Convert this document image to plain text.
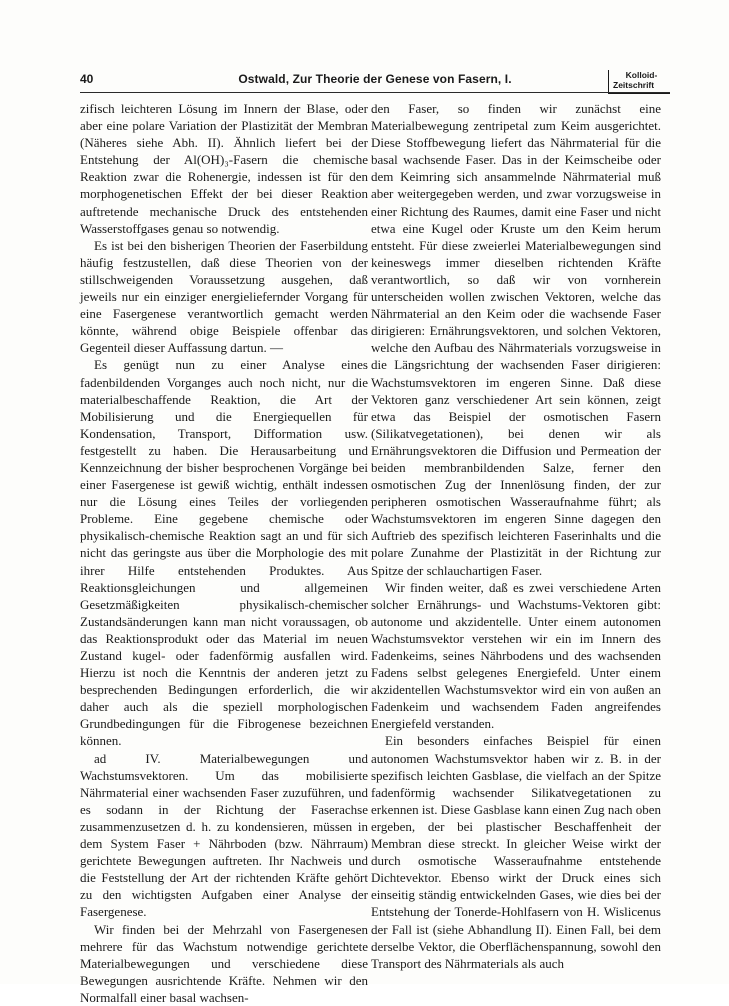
40	Ostwald, Zur Theorie der Genese von Fasern, I.	Kolloid-
Zeitschrift

zifisch leichteren Lösung im Innern der Blase, oder aber eine polare Variation der Plastizität der Membran (Näheres siehe Abh. II). Ähnlich liefert bei der Entstehung der Al(OH)₃-Fasern die chemische Reaktion zwar die Rohenergie, indessen ist für den morphogenetischen Effekt der bei dieser Reaktion auftretende mechanische Druck des entstehenden Wasserstoffgases genau so notwendig.

Es ist bei den bisherigen Theorien der Faserbildung häufig festzustellen, daß diese Theorien von der stillschweigenden Voraussetzung ausgehen, daß jeweils nur ein einziger energieliefernder Vorgang für eine Fasergenese verantwortlich gemacht werden könnte, während obige Beispiele offenbar das Gegenteil dieser Auffassung dartun. —

Es genügt nun zu einer Analyse eines fadenbildenden Vorganges auch noch nicht, nur die materialbeschaffende Reaktion, die Art der Mobilisierung und die Energiequellen für Kondensation, Transport, Difformation usw. festgestellt zu haben. Die Herausarbeitung und Kennzeichnung der bisher besprochenen Vorgänge bei einer Fasergenese ist gewiß wichtig, enthält indessen nur die Lösung eines Teiles der vorliegenden Probleme. Eine gegebene chemische oder physikalisch-chemische Reaktion sagt an und für sich nicht das geringste aus über die Morphologie des mit ihrer Hilfe entstehenden Produktes. Aus Reaktionsgleichungen und allgemeinen Gesetzmäßigkeiten physikalisch-chemischer Zustandsänderungen kann man nicht voraussagen, ob das Reaktionsprodukt oder das Material im neuen Zustand kugel- oder fadenförmig ausfallen wird. Hierzu ist noch die Kenntnis der anderen jetzt zu besprechenden Bedingungen erforderlich, die wir daher auch als die speziell morphologischen Grundbedingungen für die Fibrogenese bezeichnen können.

ad IV. Materialbewegungen und Wachstumsvektoren. Um das mobilisierte Nährmaterial einer wachsenden Faser zuzuführen, und es sodann in der Richtung der Faserachse zusammenzusetzen d. h. zu kondensieren, müssen in dem System Faser + Nährboden (bzw. Nährraum) gerichtete Bewegungen auftreten. Ihr Nachweis und die Feststellung der Art der richtenden Kräfte gehört zu den wichtigsten Aufgaben einer Analyse der Fasergenese.

Wir finden bei der Mehrzahl von Fasergenesen mehrere für das Wachstum notwendige gerichtete Materialbewegungen und verschiedene diese Bewegungen ausrichtende Kräfte. Nehmen wir den Normalfall einer basal wachsen-

den Faser, so finden wir zunächst eine Materialbewegung zentripetal zum Keim ausgerichtet. Diese Stoffbewegung liefert das Nährmaterial für die basal wachsende Faser. Das in der Keimscheibe oder dem Keimring sich ansammelnde Nährmaterial muß aber weitergegeben werden, und zwar vorzugsweise in einer Richtung des Raumes, damit eine Faser und nicht etwa eine Kugel oder Kruste um den Keim herum entsteht. Für diese zweierlei Materialbewegungen sind keineswegs immer dieselben richtenden Kräfte verantwortlich, so daß wir von vornherein unterscheiden wollen zwischen Vektoren, welche das Nährmaterial an den Keim oder die wachsende Faser dirigieren: Ernährungsvektoren, und solchen Vektoren, welche den Aufbau des Nährmaterials vorzugsweise in die Längsrichtung der wachsenden Faser dirigieren: Wachstumsvektoren im engeren Sinne. Daß diese Vektoren ganz verschiedener Art sein können, zeigt etwa das Beispiel der osmotischen Fasern (Silikatvegetationen), bei denen wir als Ernährungsvektoren die Diffusion und Permeation der beiden membranbildenden Salze, ferner den osmotischen Zug der Innenlösung finden, der zur peripheren osmotischen Wasseraufnahme führt; als Wachstumsvektoren im engeren Sinne dagegen den Auftrieb des spezifisch leichteren Faserinhalts und die polare Zunahme der Plastizität in der Richtung zur Spitze der schlauchartigen Faser.

Wir finden weiter, daß es zwei verschiedene Arten solcher Ernährungs- und Wachstums-Vektoren gibt: autonome und akzidentelle. Unter einem autonomen Wachstumsvektor verstehen wir ein im Innern des Fadenkeims, seines Nährbodens und des wachsenden Fadens selbst gelegenes Energiefeld. Unter einem akzidentellen Wachstumsvektor wird ein von außen an Fadenkeim und wachsendem Faden angreifendes Energiefeld verstanden.

Ein besonders einfaches Beispiel für einen autonomen Wachstumsvektor haben wir z. B. in der spezifisch leichten Gasblase, die vielfach an der Spitze fadenförmig wachsender Silikatvegetationen zu erkennen ist. Diese Gasblase kann einen Zug nach oben ergeben, der bei plastischer Beschaffenheit der Membran diese streckt. In gleicher Weise wirkt der durch osmotische Wasseraufnahme entstehende Dichtevektor. Ebenso wirkt der Druck eines sich einseitig ständig entwickelnden Gases, wie dies bei der Entstehung der Tonerde-Hohlfasern von H. Wislicenus der Fall ist (siehe Abhandlung II). Einen Fall, bei dem derselbe Vektor, die Oberflächenspannung, sowohl den Transport des Nährmaterials als auch
